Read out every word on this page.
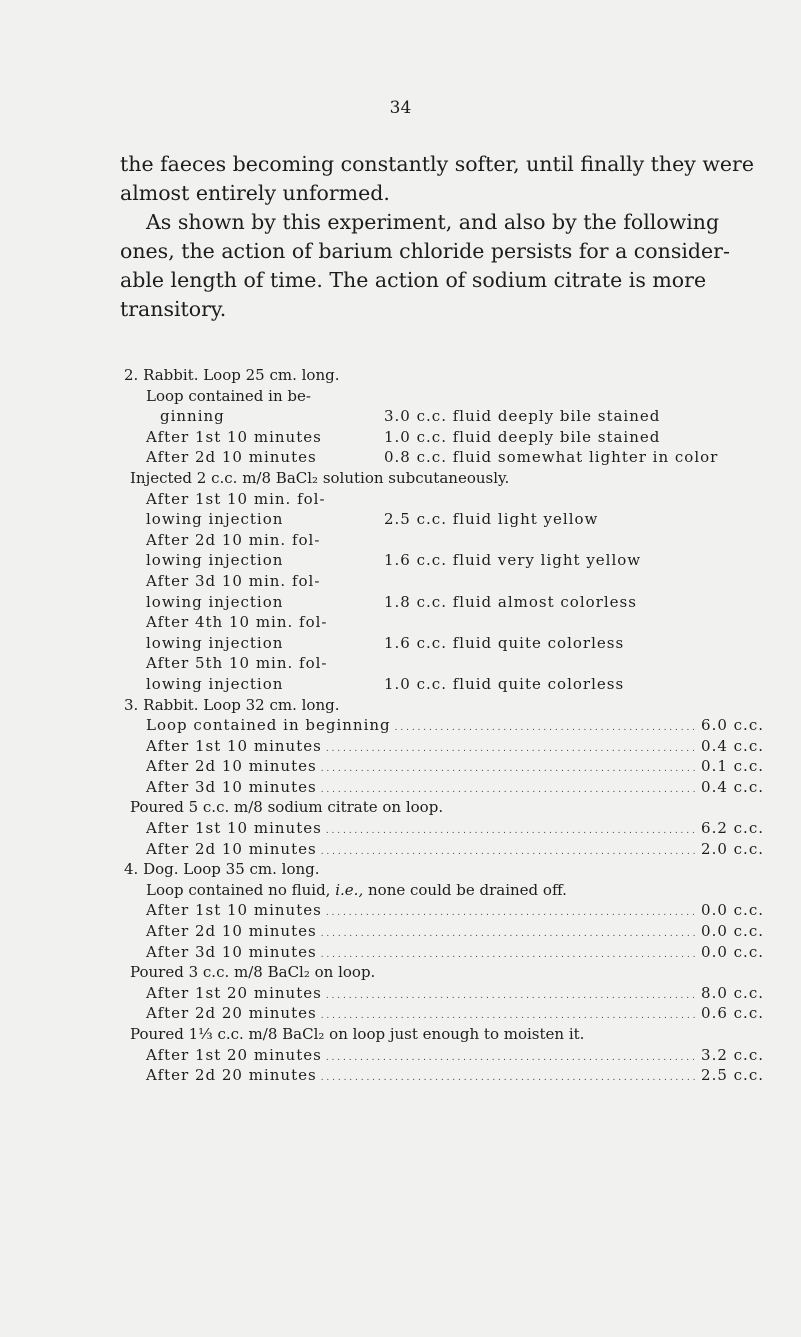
34

the faeces becoming constantly softer, until finally they were almost entirely unformed.

As shown by this experiment, and also by the following ones, the action of barium chloride persists for a consider-able length of time. The action of sodium citrate is more transitory.

2. Rabbit. Loop 25 cm. long.
Loop contained in be-
ginning	3.0 c.c. fluid deeply bile stained
After 1st 10 minutes	1.0 c.c. fluid deeply bile stained
After 2d 10 minutes	0.8 c.c. fluid somewhat lighter in color
Injected 2 c.c. m/8 BaCl₂ solution subcutaneously.
After 1st 10 min. fol-
lowing injection	2.5 c.c. fluid light yellow
After 2d 10 min. fol-
lowing injection	1.6 c.c. fluid very light yellow
After 3d 10 min. fol-
lowing injection	1.8 c.c. fluid almost colorless
After 4th 10 min. fol-
lowing injection	1.6 c.c. fluid quite colorless
After 5th 10 min. fol-
lowing injection	1.0 c.c. fluid quite colorless
3. Rabbit. Loop 32 cm. long.
Loop contained in beginning . . .	6.0 c.c.
After 1st 10 minutes . . .	0.4 c.c.
After 2d 10 minutes . . .	0.1 c.c.
After 3d 10 minutes . . .	0.4 c.c.
Poured 5 c.c. m/8 sodium citrate on loop.
After 1st 10 minutes . . .	6.2 c.c.
After 2d 10 minutes . . .	2.0 c.c.
4. Dog. Loop 35 cm. long.
Loop contained no fluid, i.e., none could be drained off.
After 1st 10 minutes . . .	0.0 c.c.
After 2d 10 minutes . . .	0.0 c.c.
After 3d 10 minutes . . .	0.0 c.c.
Poured 3 c.c. m/8 BaCl₂ on loop.
After 1st 20 minutes . . .	8.0 c.c.
After 2d 20 minutes . . .	0.6 c.c.
Poured 1⅓ c.c. m/8 BaCl₂ on loop just enough to moisten it.
After 1st 20 minutes . . .	3.2 c.c.
After 2d 20 minutes . . .	2.5 c.c.
